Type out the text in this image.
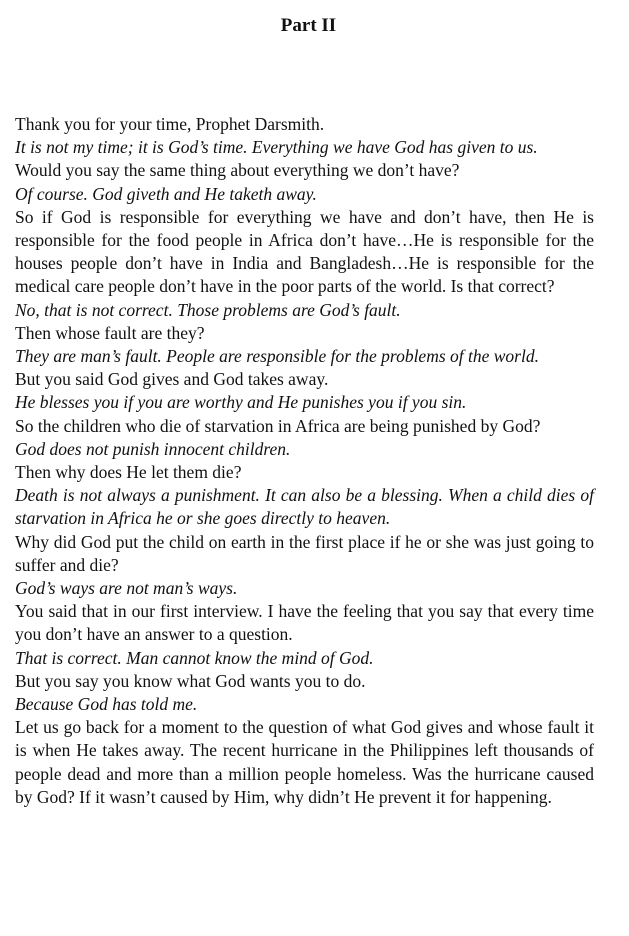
Part II
Thank you for your time, Prophet Darsmith.
It is not my time; it is God’s time. Everything we have God has given to us.
Would you say the same thing about everything we don’t have?
Of course. God giveth and He taketh away.
So if God is responsible for everything we have and don’t have, then He is responsible for the food people in Africa don’t have…He is responsible for the houses people don’t have in India and Bangladesh…He is responsible for the medical care people don’t have in the poor parts of the world. Is that correct?
No, that is not correct. Those problems are God’s fault.
Then whose fault are they?
They are man’s fault. People are responsible for the problems of the world.
But you said God gives and God takes away.
He blesses you if you are worthy and He punishes you if you sin.
So the children who die of starvation in Africa are being punished by God?
God does not punish innocent children.
Then why does He let them die?
Death is not always a punishment. It can also be a blessing. When a child dies of starvation in Africa he or she goes directly to heaven.
Why did God put the child on earth in the first place if he or she was just going to suffer and die?
God’s ways are not man’s ways.
You said that in our first interview. I have the feeling that you say that every time you don’t have an answer to a question.
That is correct. Man cannot know the mind of God.
But you say you know what God wants you to do.
Because God has told me.
Let us go back for a moment to the question of what God gives and whose fault it is when He takes away. The recent hurricane in the Philippines left thousands of people dead and more than a million people homeless. Was the hurricane caused by God? If it wasn’t caused by Him, why didn’t He prevent it for happening.
